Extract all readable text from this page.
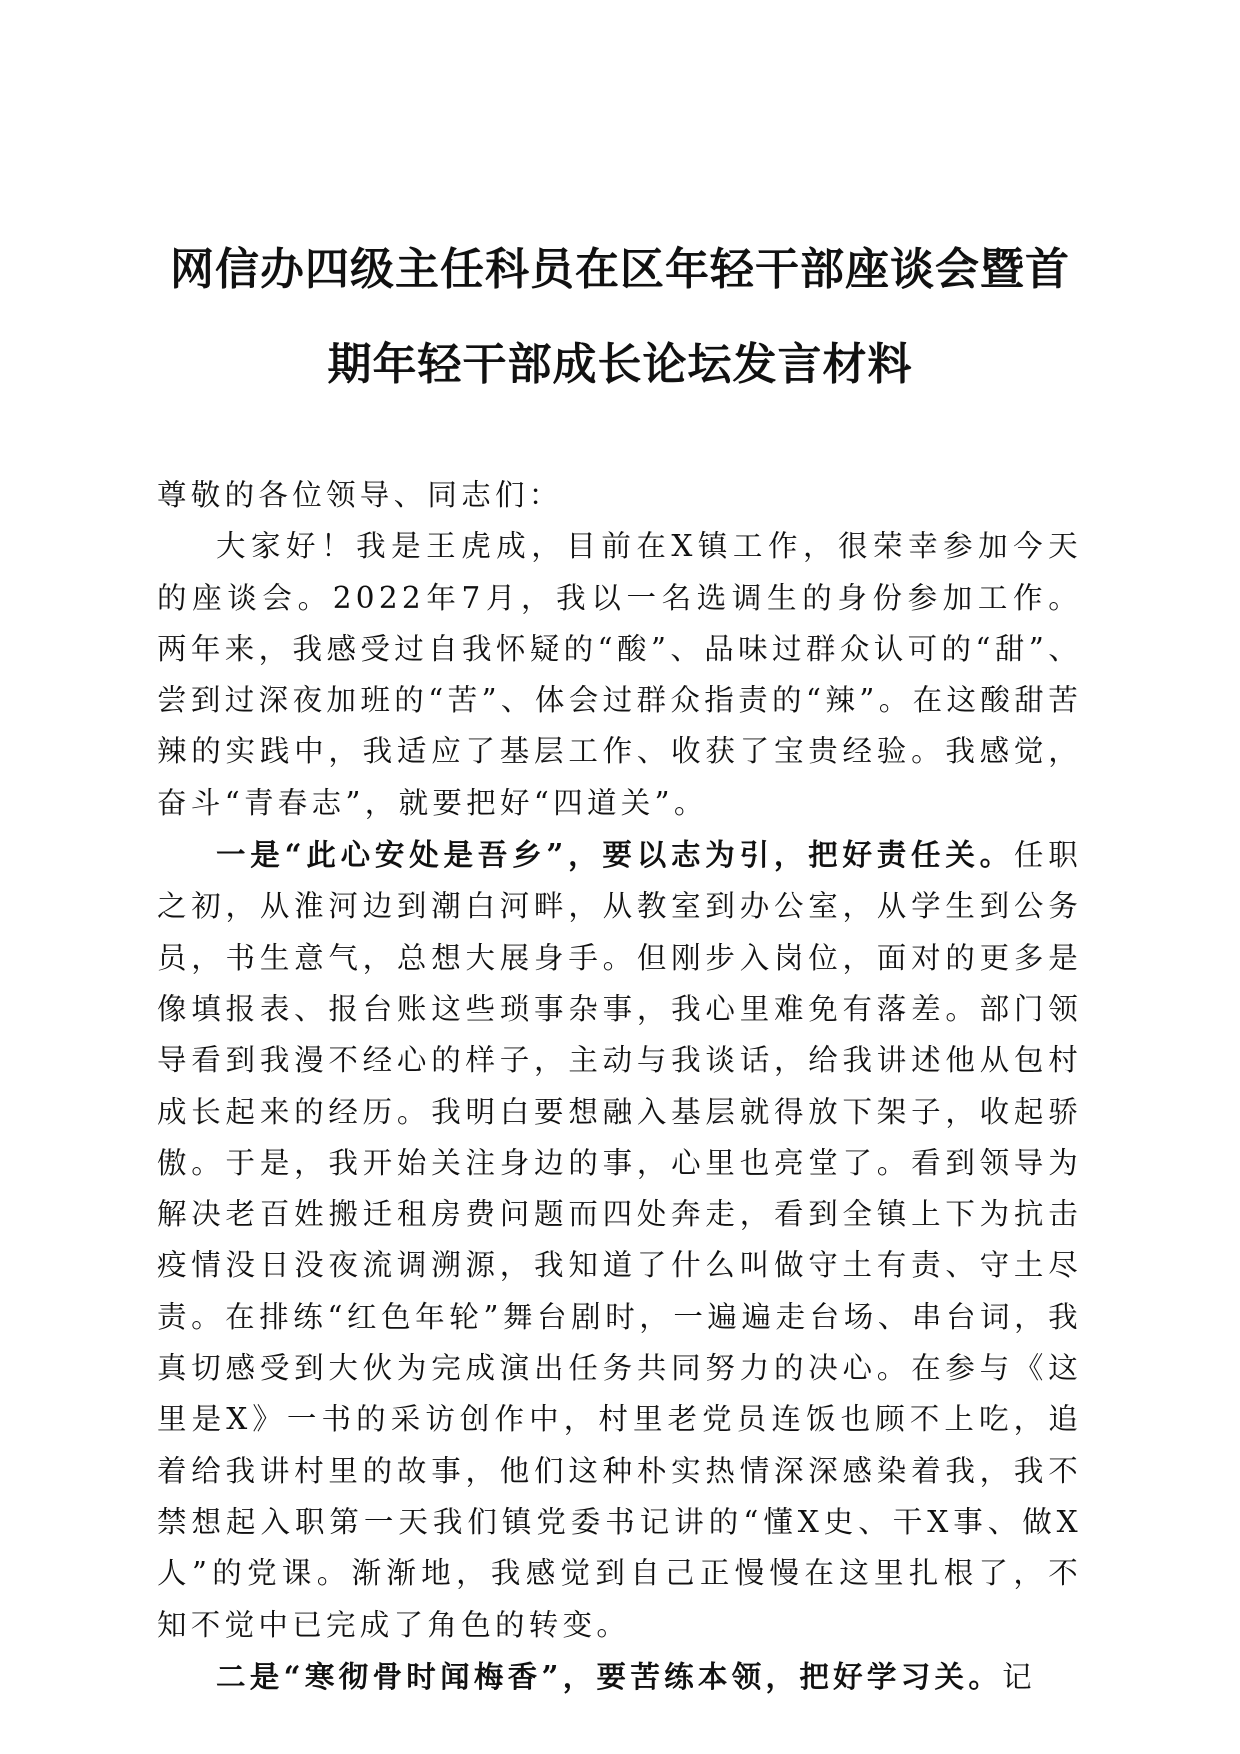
网信办四级主任科员在区年轻干部座谈会暨首
期年轻干部成长论坛发言材料

尊敬的各位领导、同志们：

大家好！我是王虎成，目前在X镇工作，很荣幸参加今天的座谈会。2022年7月，我以一名选调生的身份参加工作。两年来，我感受过自我怀疑的“酸”、品味过群众认可的“甜”、尝到过深夜加班的“苦”、体会过群众指责的“辣”。在这酸甜苦辣的实践中，我适应了基层工作、收获了宝贵经验。我感觉，奋斗“青春志”，就要把好“四道关”。

一是“此心安处是吾乡”，要以志为引，把好责任关。任职之初，从淮河边到潮白河畔，从教室到办公室，从学生到公务员，书生意气，总想大展身手。但刚步入岗位，面对的更多是像填报表、报台账这些琐事杂事，我心里难免有落差。部门领导看到我漫不经心的样子，主动与我谈话，给我讲述他从包村成长起来的经历。我明白要想融入基层就得放下架子，收起骄傲。于是，我开始关注身边的事，心里也亮堂了。看到领导为解决老百姓搬迁租房费问题而四处奔走，看到全镇上下为抗击疫情没日没夜流调溯源，我知道了什么叫做守土有责、守土尽责。在排练“红色年轮”舞台剧时，一遍遍走台场、串台词，我真切感受到大伙为完成演出任务共同努力的决心。在参与《这里是X》一书的采访创作中，村里老党员连饭也顾不上吃，追着给我讲村里的故事，他们这种朴实热情深深感染着我，我不禁想起入职第一天我们镇党委书记讲的“懂X史、干X事、做X人”的党课。渐渐地，我感觉到自己正慢慢在这里扎根了，不知不觉中已完成了角色的转变。

二是“寒彻骨时闻梅香”，要苦练本领，把好学习关。记
